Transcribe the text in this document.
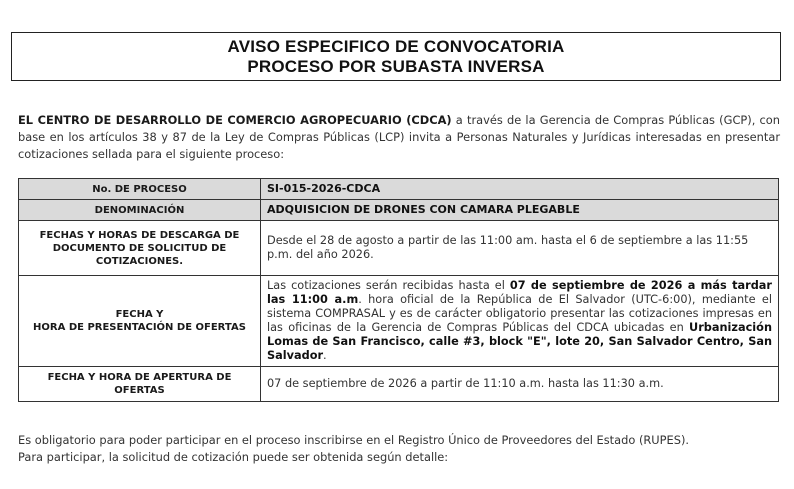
AVISO ESPECIFICO DE CONVOCATORIA
PROCESO POR SUBASTA INVERSA

EL CENTRO DE DESARROLLO DE COMERCIO AGROPECUARIO (CDCA) a través de la Gerencia de Compras Públicas (GCP), con base en los artículos 38 y 87 de la Ley de Compras Públicas (LCP) invita a Personas Naturales y Jurídicas interesadas en presentar cotizaciones sellada para el siguiente proceso:

No. DE PROCESO	SI-015-2026-CDCA
DENOMINACIÓN	ADQUISICION DE DRONES CON CAMARA PLEGABLE
FECHAS Y HORAS DE DESCARGA DE
DOCUMENTO DE SOLICITUD DE
COTIZACIONES.	Desde el 28 de agosto a partir de las 11:00 am. hasta el 6 de septiembre a las 11:55 p.m. del año 2026.
FECHA Y
HORA DE PRESENTACIÓN DE OFERTAS	Las cotizaciones serán recibidas hasta el 07 de septiembre de 2026 a más tardar las 11:00 a.m. hora oficial de la República de El Salvador (UTC-6:00), mediante el sistema COMPRASAL y es de carácter obligatorio presentar las cotizaciones impresas en las oficinas de la Gerencia de Compras Públicas del CDCA ubicadas en Urbanización Lomas de San Francisco, calle #3, block "E", lote 20, San Salvador Centro, San Salvador.
FECHA Y HORA DE APERTURA DE
OFERTAS	07 de septiembre de 2026 a partir de 11:10 a.m. hasta las 11:30 a.m.
Es obligatorio para poder participar en el proceso inscribirse en el Registro Único de Proveedores del Estado (RUPES).
Para participar, la solicitud de cotización puede ser obtenida según detalle:
